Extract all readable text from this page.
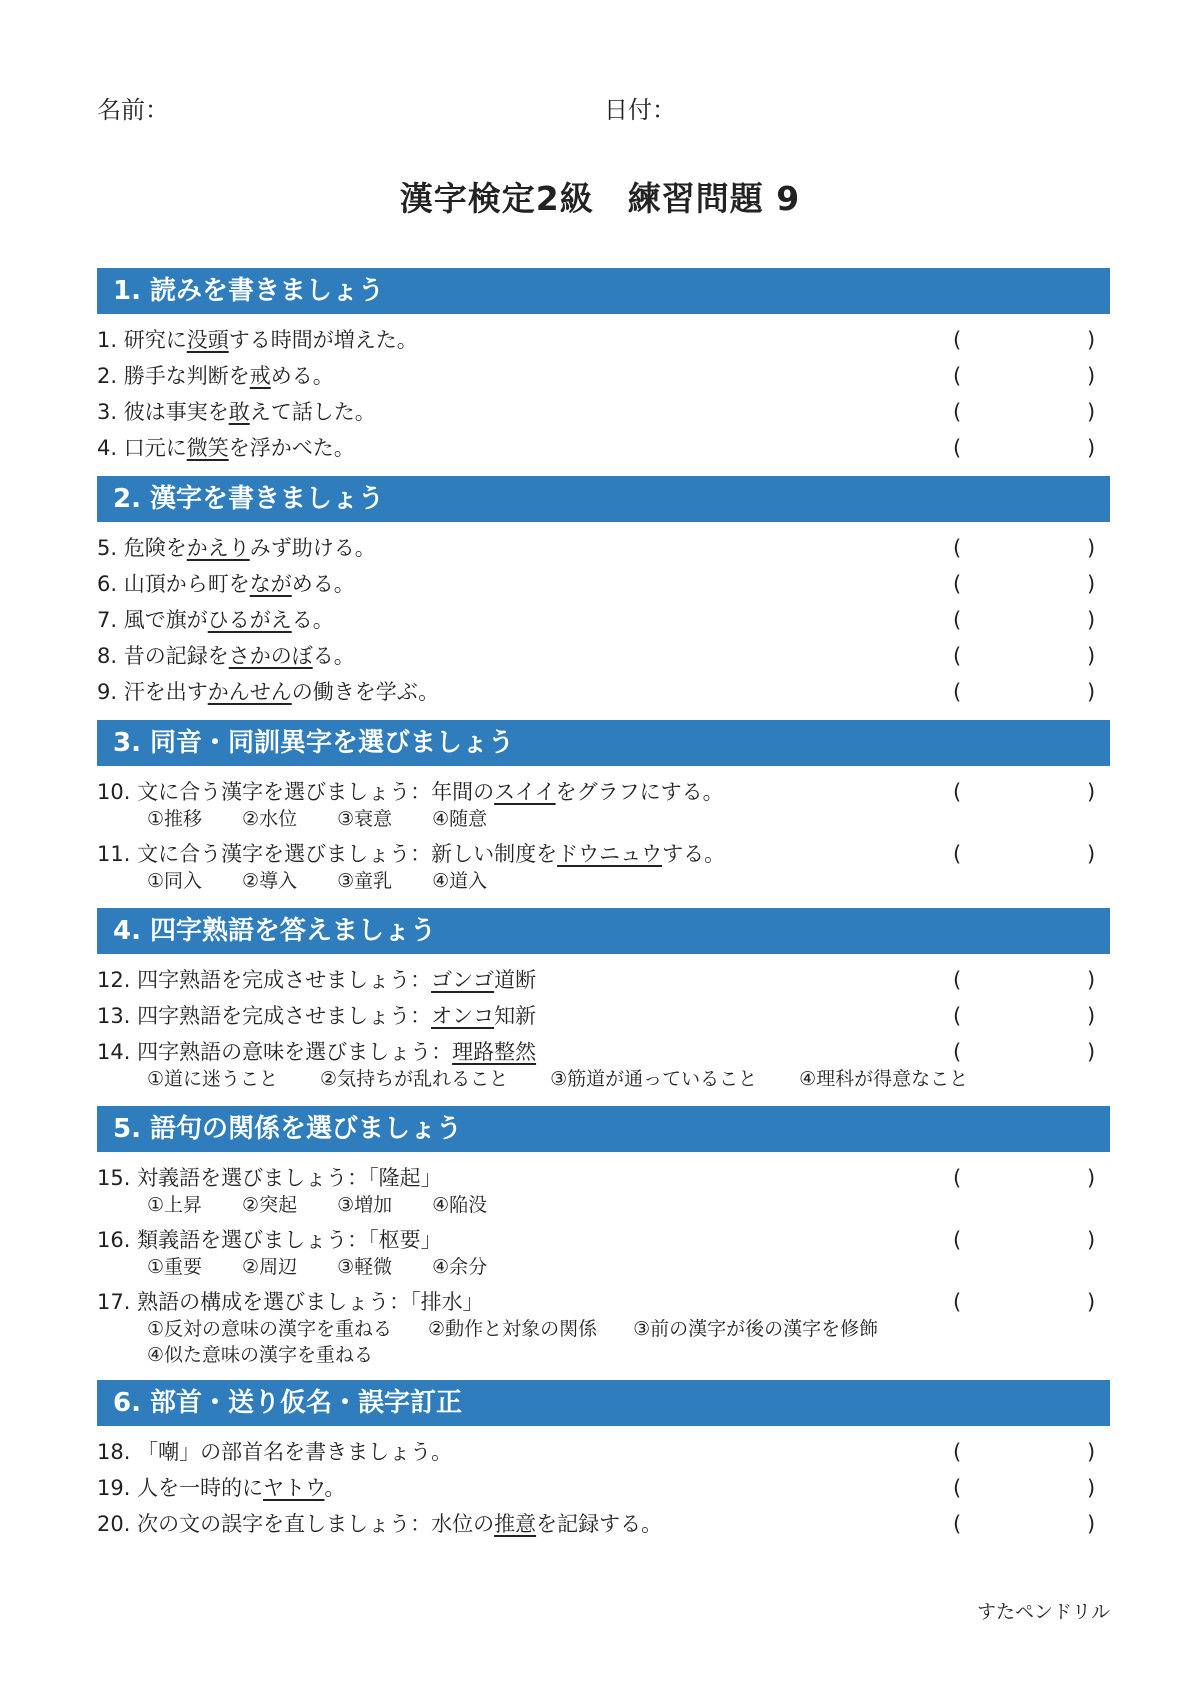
名前：	日付：
漢字検定2級　練習問題 9
1. 読みを書きましょう
1. 研究に没頭する時間が増えた。	(	)
2. 勝手な判断を戒める。	(	)
3. 彼は事実を敢えて話した。	(	)
4. 口元に微笑を浮かべた。	(	)
2. 漢字を書きましょう
5. 危険をかえりみず助ける。	(	)
6. 山頂から町をながめる。	(	)
7. 風で旗がひるがえる。	(	)
8. 昔の記録をさかのぼる。	(	)
9. 汗を出すかんせんの働きを学ぶ。	(	)
3. 同音・同訓異字を選びましょう
10. 文に合う漢字を選びましょう：年間のスイイをグラフにする。	(	)
①推移 ②水位 ③衰意 ④随意
11. 文に合う漢字を選びましょう：新しい制度をドウニュウする。	(	)
①同入 ②導入 ③童乳 ④道入
4. 四字熟語を答えましょう
12. 四字熟語を完成させましょう：ゴンゴ道断	(	)
13. 四字熟語を完成させましょう：オンコ知新	(	)
14. 四字熟語の意味を選びましょう：理路整然	(	)
①道に迷うこと ②気持ちが乱れること ③筋道が通っていること ④理科が得意なこと
5. 語句の関係を選びましょう
15. 対義語を選びましょう：「隆起」	(	)
①上昇 ②突起 ③増加 ④陥没
16. 類義語を選びましょう：「枢要」	(	)
①重要 ②周辺 ③軽微 ④余分
17. 熟語の構成を選びましょう：「排水」	(	)
①反対の意味の漢字を重ねる ②動作と対象の関係 ③前の漢字が後の漢字を修飾④似た意味の漢字を重ねる
6. 部首・送り仮名・誤字訂正
18. 「嘲」の部首名を書きましょう。	(	)
19. 人を一時的にヤトウ。	(	)
20. 次の文の誤字を直しましょう：水位の推意を記録する。	(	)
すたペンドリル
